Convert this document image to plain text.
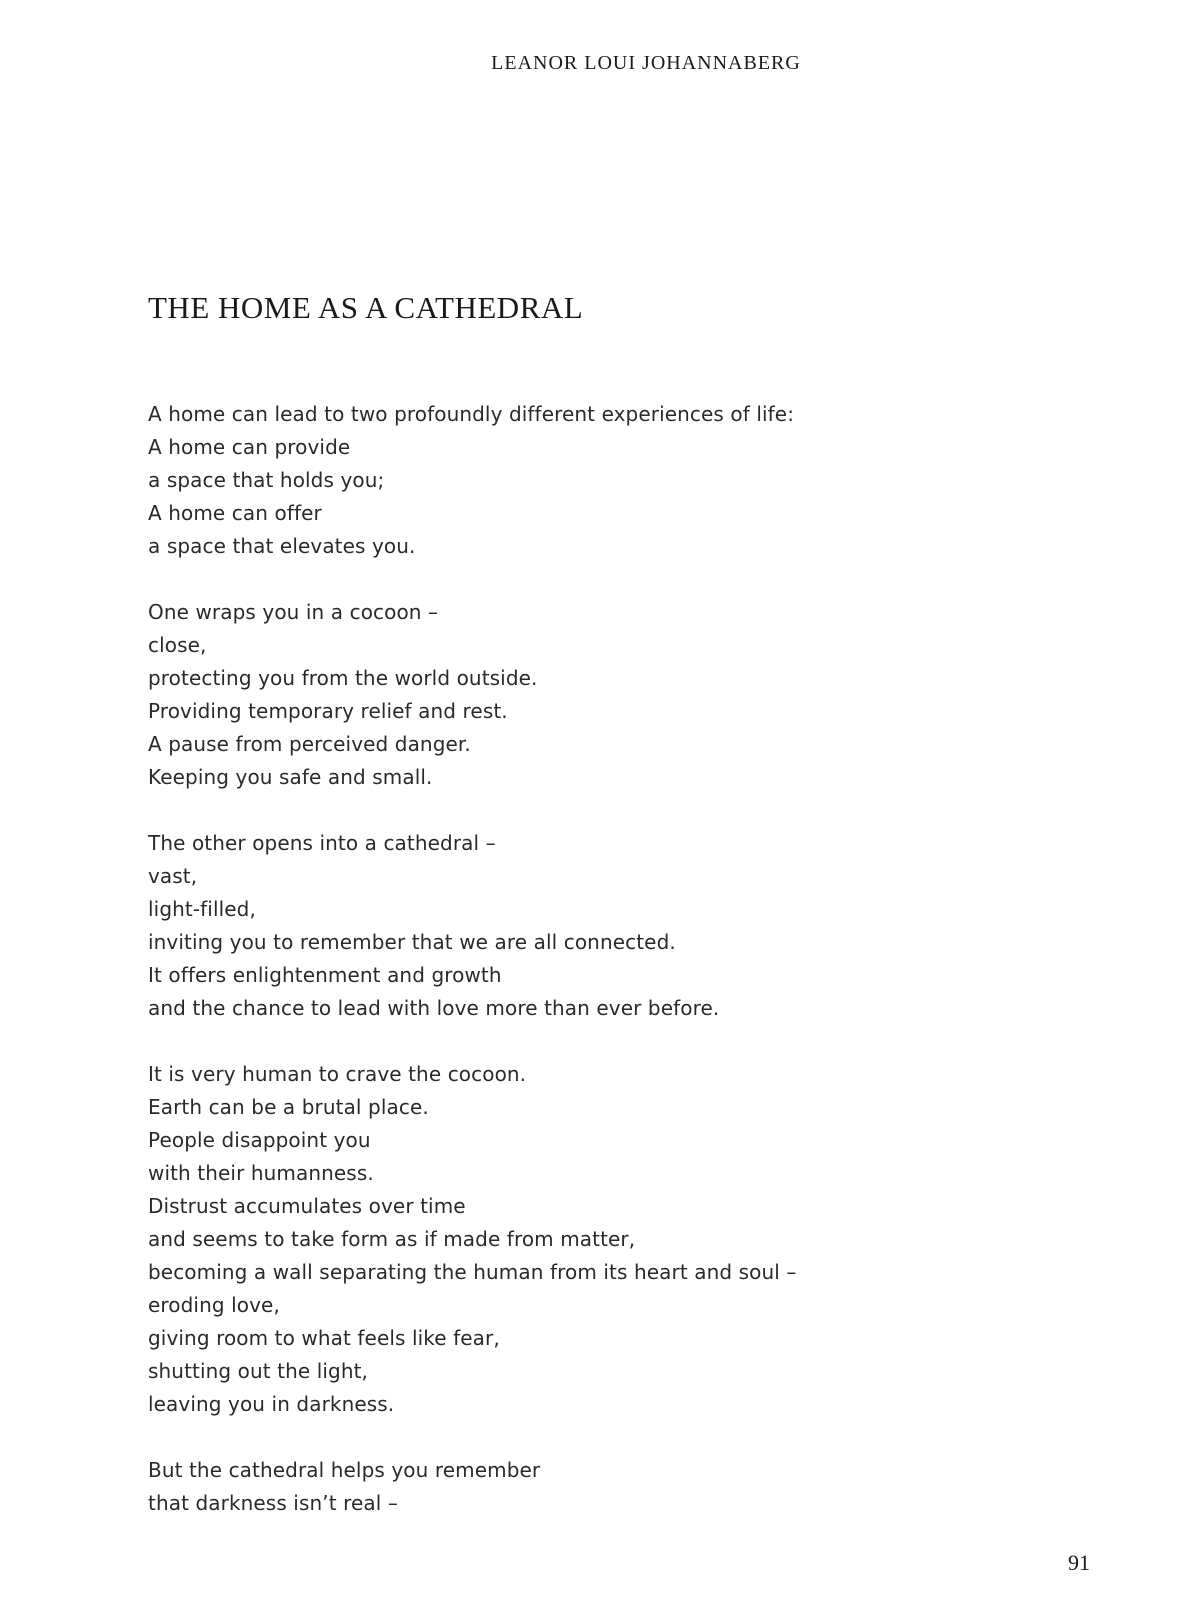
LEANOR LOUI JOHANNABERG

THE HOME AS A CATHEDRAL
A home can lead to two profoundly different experiences of life:
A home can provide
a space that holds you;
A home can offer
a space that elevates you.
One wraps you in a cocoon –
close,
protecting you from the world outside.
Providing temporary relief and rest.
A pause from perceived danger.
Keeping you safe and small.
The other opens into a cathedral –
vast,
light-filled,
inviting you to remember that we are all connected.
It offers enlightenment and growth
and the chance to lead with love more than ever before.
It is very human to crave the cocoon.
Earth can be a brutal place.
People disappoint you
with their humanness.
Distrust accumulates over time
and seems to take form as if made from matter,
becoming a wall separating the human from its heart and soul –
eroding love,
giving room to what feels like fear,
shutting out the light,
leaving you in darkness.
But the cathedral helps you remember
that darkness isn’t real –

91
